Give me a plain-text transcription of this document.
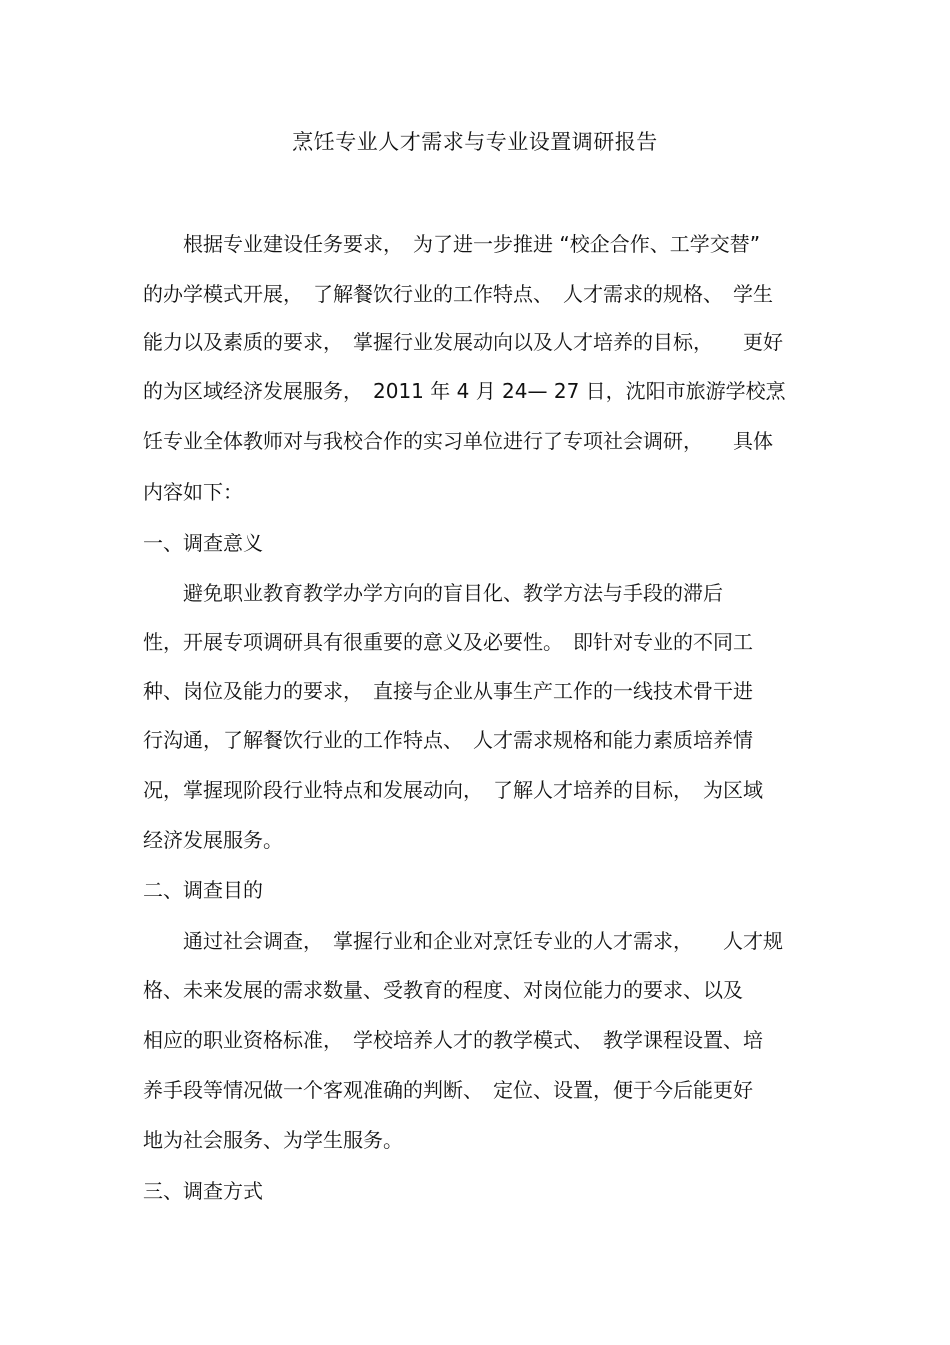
烹饪专业人才需求与专业设置调研报告
　　根据专业建设任务要求，　为了进一步推进 “校企合作、工学交替”
的办学模式开展，　了解餐饮行业的工作特点、　人才需求的规格、　学生
能力以及素质的要求，　掌握行业发展动向以及人才培养的目标，　　更好
的为区域经济发展服务，　2011 年 4 月 24— 27 日，沈阳市旅游学校烹
饪专业全体教师对与我校合作的实习单位进行了专项社会调研，　　具体
内容如下：
一、调查意义
　　避免职业教育教学办学方向的盲目化、教学方法与手段的滞后
性，开展专项调研具有很重要的意义及必要性。　即针对专业的不同工
种、岗位及能力的要求，　直接与企业从事生产工作的一线技术骨干进
行沟通，了解餐饮行业的工作特点、　人才需求规格和能力素质培养情
况，掌握现阶段行业特点和发展动向，　了解人才培养的目标，　为区域
经济发展服务。
二、调查目的
　　通过社会调查，　掌握行业和企业对烹饪专业的人才需求，　　人才规
格、未来发展的需求数量、受教育的程度、对岗位能力的要求、以及
相应的职业资格标准，　学校培养人才的教学模式、　教学课程设置、培
养手段等情况做一个客观准确的判断、　定位、设置，便于今后能更好
地为社会服务、为学生服务。
三、调查方式
